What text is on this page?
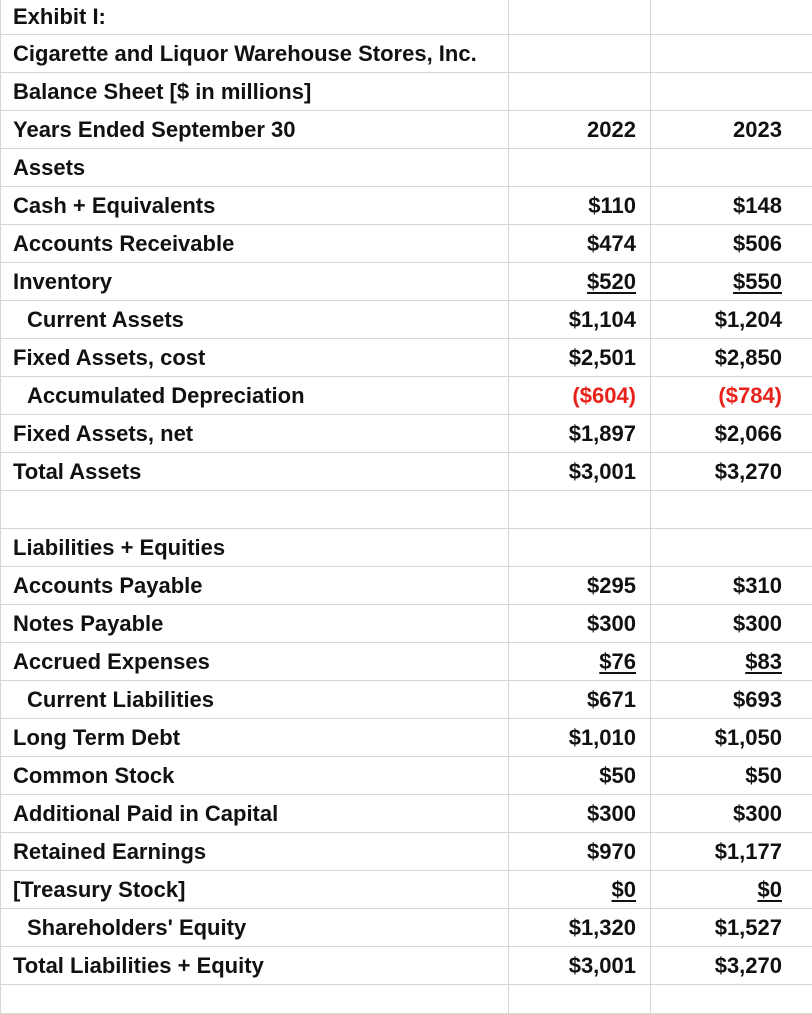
Exhibit I:		
Cigarette and Liquor Warehouse Stores, Inc.		
Balance Sheet [$ in millions]		
Years Ended September 30	2022	2023
Assets		
Cash + Equivalents	$110	$148
Accounts Receivable	$474	$506
Inventory	$520	$550
Current Assets	$1,104	$1,204
Fixed Assets, cost	$2,501	$2,850
Accumulated Depreciation	($604)	($784)
Fixed Assets, net	$1,897	$2,066
Total Assets	$3,001	$3,270

Liabilities + Equities		
Accounts Payable	$295	$310
Notes Payable	$300	$300
Accrued Expenses	$76	$83
Current Liabilities	$671	$693
Long Term Debt	$1,010	$1,050
Common Stock	$50	$50
Additional Paid in Capital	$300	$300
Retained Earnings	$970	$1,177
[Treasury Stock]	$0	$0
Shareholders' Equity	$1,320	$1,527
Total Liabilities + Equity	$3,001	$3,270
